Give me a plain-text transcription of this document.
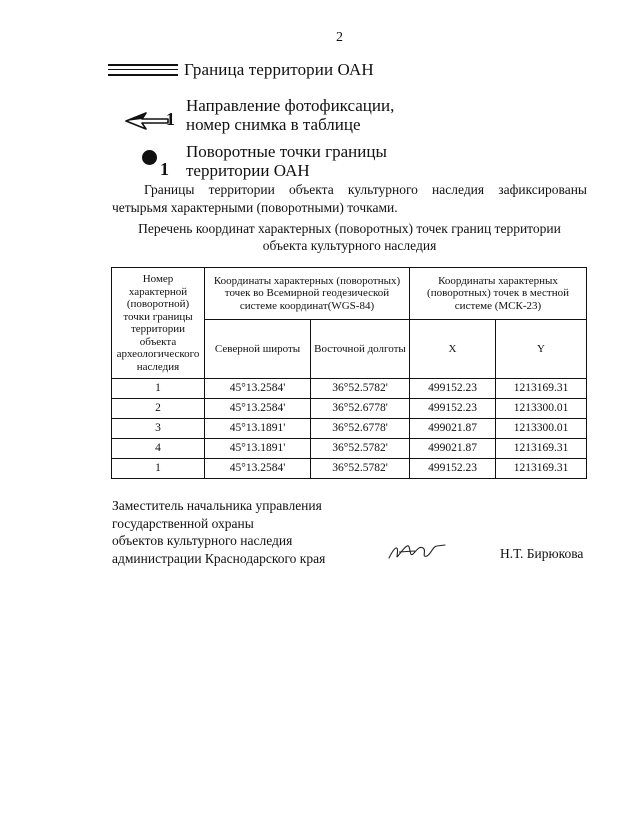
2
Граница территории ОАН
1
Направление фотофиксации,
номер снимка в таблице
1
Поворотные точки границы
территории ОАН
Границы территории объекта культурного наследия зафиксированы четырьмя характерными (поворотными) точками.
Перечень координат характерных (поворотных) точек границ территории
объекта культурного наследия
Номер характерной (поворотной) точки границы территории объекта археологического наследия	Координаты характерных (поворотных) точек во Всемирной геодезической системе координат(WGS-84)		Координаты характерных (поворотных) точек в местной системе (МСК-23)	
	Северной широты	Восточной долготы	X	Y
1	45°13.2584'	36°52.5782'	499152.23	1213169.31
2	45°13.2584'	36°52.6778'	499152.23	1213300.01
3	45°13.1891'	36°52.6778'	499021.87	1213300.01
4	45°13.1891'	36°52.5782'	499021.87	1213169.31
1	45°13.2584'	36°52.5782'	499152.23	1213169.31
Заместитель начальника управления
государственной охраны
объектов культурного наследия
администрации Краснодарского края	Н.Т. Бирюкова
